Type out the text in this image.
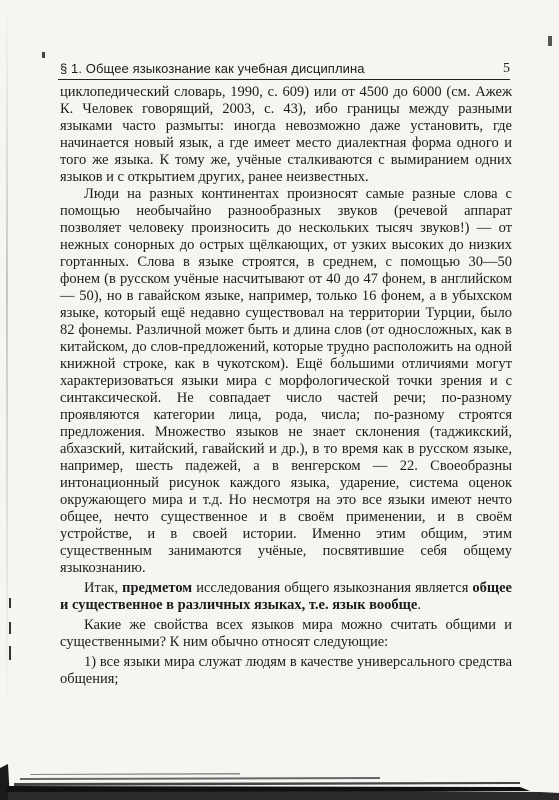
§ 1. Общее языкознание как учебная дисциплина	5

циклопедический словарь, 1990, с. 609) или от 4500 до 6000 (см. Ажеж К. Человек говорящий, 2003, с. 43), ибо границы между разными языками часто размыты: иногда невозможно даже установить, где начинается новый язык, а где имеет место диалектная форма одного и того же языка. К тому же, учёные сталкиваются с вымиранием одних языков и с открытием других, ранее неизвестных.

Люди на разных континентах произносят самые разные слова с помощью необычайно разнообразных звуков (речевой аппарат позволяет человеку произносить до нескольких тысяч звуков!) — от нежных сонорных до острых щёлкающих, от узких высоких до низких гортанных. Слова в языке строятся, в среднем, с помощью 30—50 фонем (в русском учёные насчитывают от 40 до 47 фонем, в английском — 50), но в гавайском языке, например, только 16 фонем, а в убыхском языке, который ещё недавно существовал на территории Турции, было 82 фонемы. Различной может быть и длина слов (от односложных, как в китайском, до слов-предложений, которые трудно расположить на одной книжной строке, как в чукотском). Ещё бо́льшими отличиями могут характеризоваться языки мира с морфологической точки зрения и с синтаксической. Не совпадает число частей речи; по-разному проявляются категории лица, рода, числа; по-разному строятся предложения. Множество языков не знает склонения (таджикский, абхазский, китайский, гавайский и др.), в то время как в русском языке, например, шесть падежей, а в венгерском — 22. Своеобразны интонационный рисунок каждого языка, ударение, система оценок окружающего мира и т.д. Но несмотря на это все языки имеют нечто общее, нечто существенное и в своём применении, и в своём устройстве, и в своей истории. Именно этим общим, этим существенным занимаются учёные, посвятившие себя общему языкознанию.

Итак, предметом исследования общего языкознания является общее и существенное в различных языках, т.е. язык вообще.

Какие же свойства всех языков мира можно считать общими и существенными? К ним обычно относят следующие:

1) все языки мира служат людям в качестве универсального средства общения;
